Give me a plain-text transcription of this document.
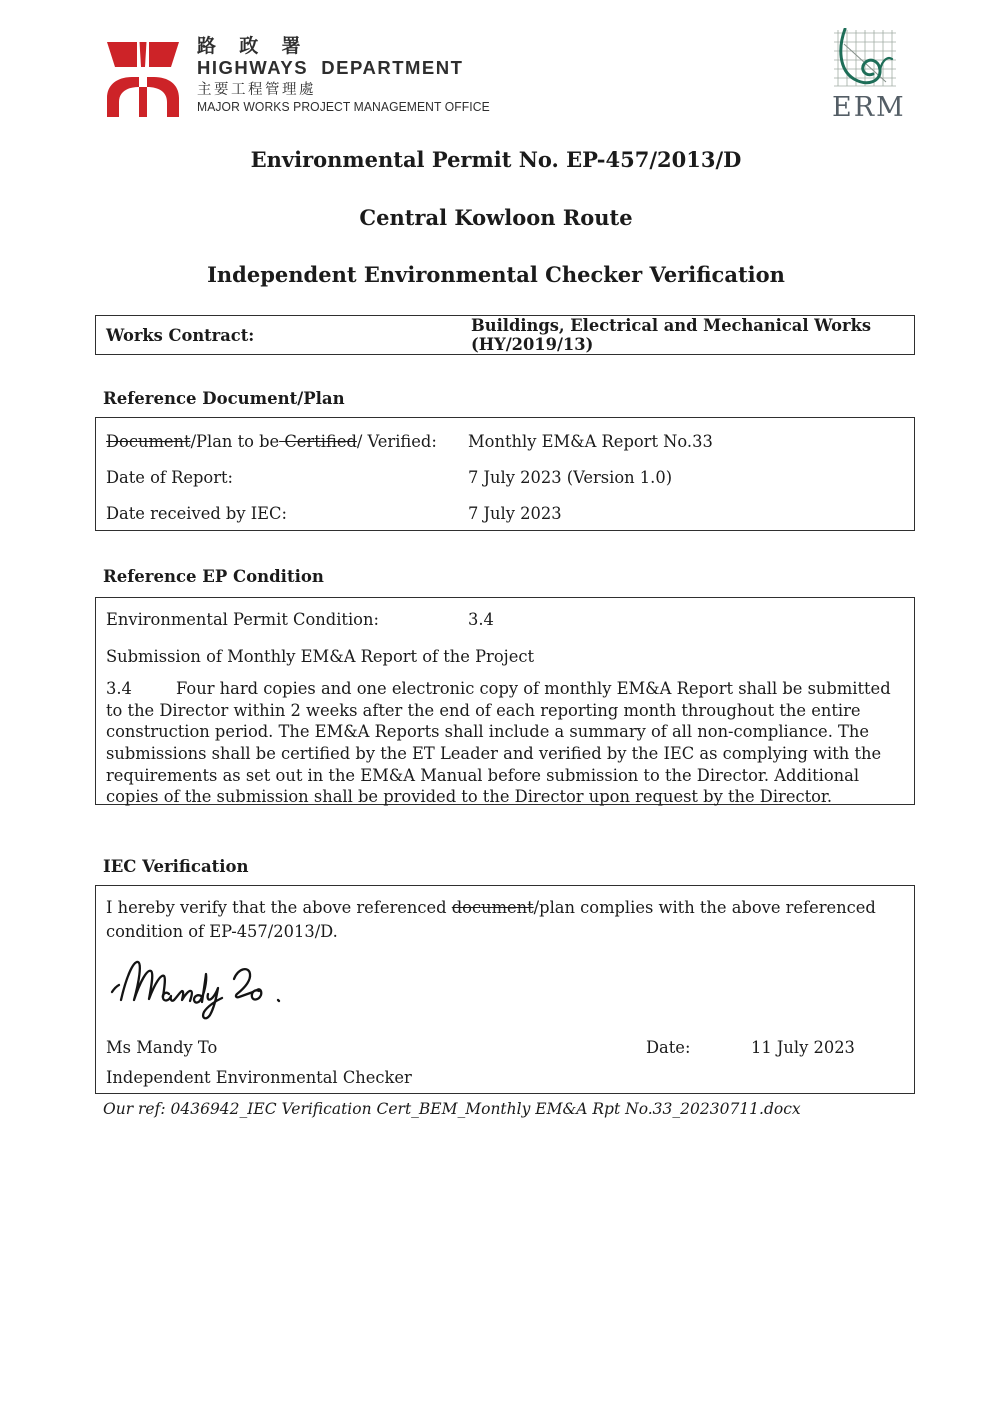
路 政 署
HIGHWAYS  DEPARTMENT
主要工程管理處
MAJOR WORKS PROJECT MANAGEMENT OFFICE	ERM
Environmental Permit No. EP-457/2013/D
Central Kowloon Route
Independent Environmental Checker Verification
Works Contract:	Buildings, Electrical and Mechanical Works  (HY/2019/13)
Reference Document/Plan
Document/Plan to be Certified/ Verified:	Monthly EM&A Report No.33
Date of Report:	7 July 2023 (Version 1.0)
Date received by IEC:	7 July 2023
Reference EP Condition
Environmental Permit Condition:	3.4
Submission of Monthly EM&A Report of the Project
3.4	Four hard copies and one electronic copy of monthly EM&A Report shall be submitted to the Director within 2 weeks after the end of each reporting month throughout the entire construction period. The EM&A Reports shall include a summary of all non-compliance. The submissions shall be certified by the ET Leader and verified by the IEC as complying with the requirements as set out in the EM&A Manual before submission to the Director. Additional copies of the submission shall be provided to the Director upon request by the Director.
IEC Verification
I hereby verify that the above referenced document/plan complies with the above referenced condition of EP-457/2013/D.
Ms Mandy To	Date:	11 July 2023
Independent Environmental Checker
Our ref: 0436942_IEC Verification Cert_BEM_Monthly EM&A Rpt No.33_20230711.docx
